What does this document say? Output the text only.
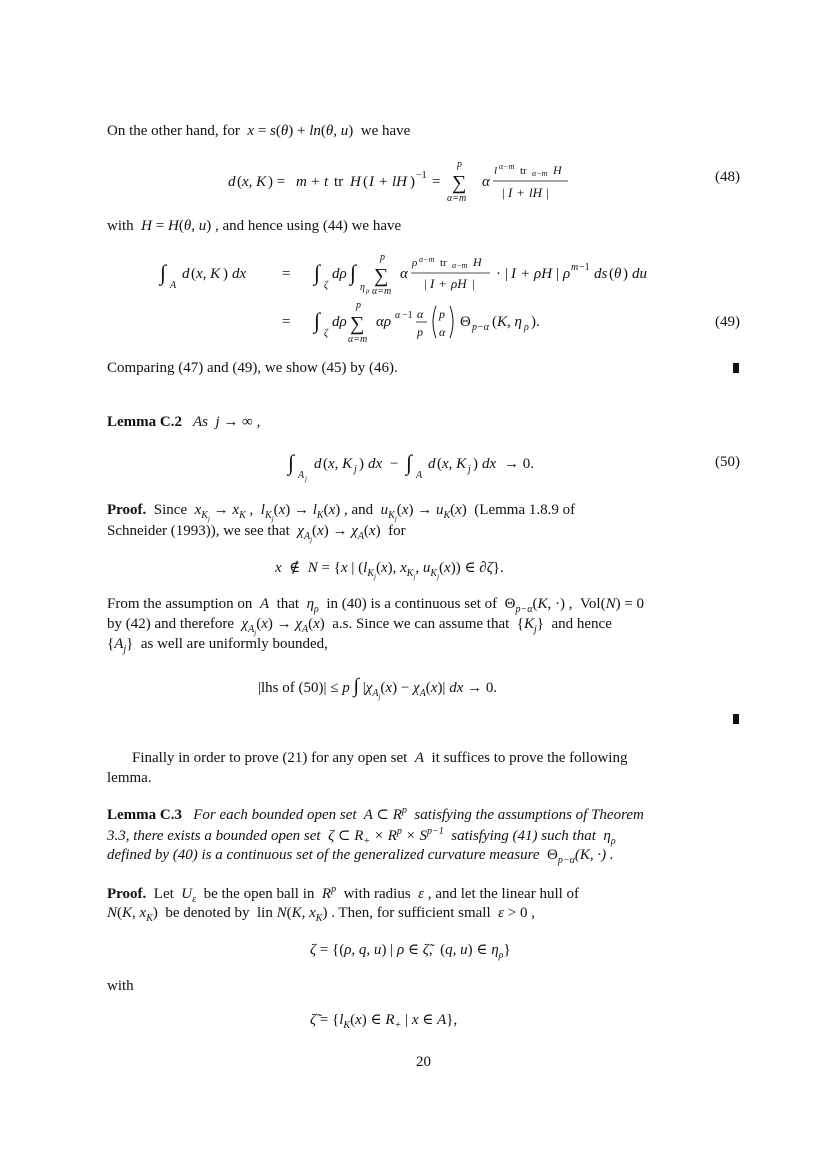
On the other hand, for  x = s(θ) + ln(θ, u)  we have
d ( x, K ) = m + t tr H ( I + lH ) −1 = ∑
p
α=m
α
l α−m tr α−m H
| I + lH |
(48)
with  H = H(θ, u) , and hence using (44) we have
∫
A
d ( x, K ) dx = ∫
ζ
dρ ∫
η ρ
∑
p
α=m
α
ρ α−m tr α−m H
| I + ρH |
· | I + ρH | ρ m −1 ds ( θ ) du
= ∫
ζ
dρ ∑
p
α=m
αρ α −1 α
p
p
α
Θ p−α ( K, η ρ ).	(49)
Comparing (47) and (49), we show (45) by (46).
Lemma C.2   As  j → ∞ ,
∫
A j
d ( x, K j ) dx − ∫
A
d ( x, K j ) dx → 0.	(50)
Proof.  Since  $x_{K_j} \to x_K$ ,  $l_{K_j}(x) \to l_K(x)$ , and  $u_{K_j}(x) \to u_K(x)$  (Lemma 1.8.9 of
Schneider (1993)), we see that  $\chi_{A_j}(x) \to \chi_A(x)$  for
x  ∉  N = {x | ($l_{K_j}(x)$, $x_{K_j}$, $u_{K_j}(x)$) ∈ ∂ζ}.
From the assumption on  A  that  $\eta_\rho$  in (40) is a continuous set of  $\Theta_{p-\alpha}(K$, ·) ,  Vol(N) = 0
by (42) and therefore  $\chi_{A_j}(x) \to \chi_A(x)$  a.s. Since we can assume that  $\{K_j\}$  and hence
$\{A_j\}$  as well are uniformly bounded,
|lhs of (50)| ≤ p ∫ $|\chi_{A_j}(x) - \chi_A(x)|$ dx → 0.
Finally in order to prove (21) for any open set  A  it suffices to prove the following
lemma.
Lemma C.3   For each bounded open set  A ⊂ $R^p$  satisfying the assumptions of Theorem
3.3, there exists a bounded open set  ζ ⊂ $R_+ \times R^p \times S^{p-1}$  satisfying (41) such that  $\eta_\rho$
defined by (40) is a continuous set of the generalized curvature measure  $\Theta_{p-\alpha}(K$, ·) .
Proof.  Let  $U_\varepsilon$  be the open ball in  $R^p$  with radius  ε , and let the linear hull of
N(K, $x_K$)  be denoted by  lin N(K, $x_K$) . Then, for sufficient small  ε > 0 ,
ζ = {(ρ, q, u) | ρ ∈ ζ̃,  (q, u) ∈ $\eta_\rho$}
with
ζ̃ = {$l_K(x)$ ∈ $R_+$ | x ∈ A},
20
